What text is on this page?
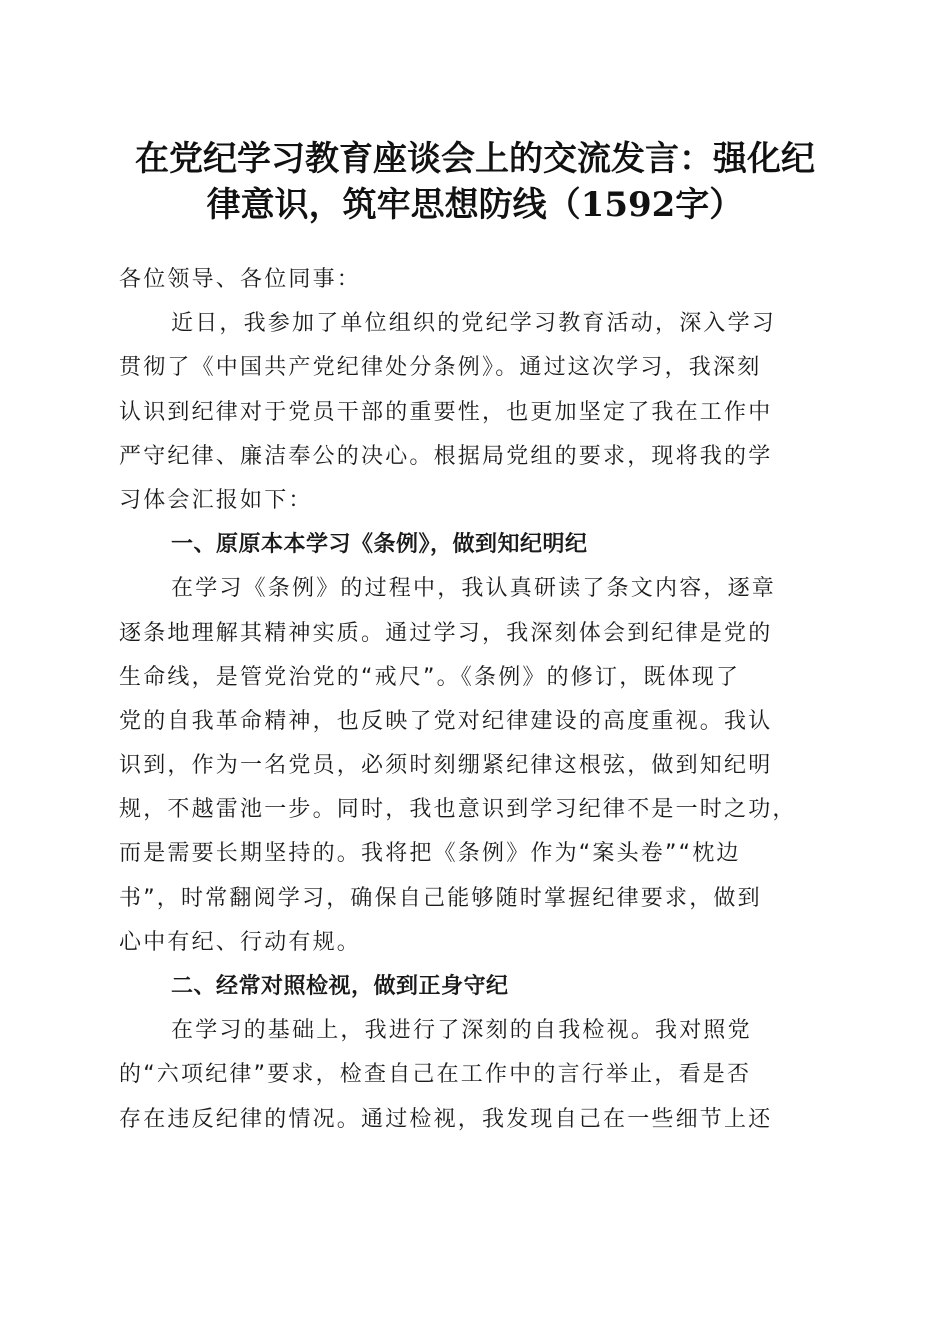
在党纪学习教育座谈会上的交流发言：强化纪
律意识，筑牢思想防线（1592字）
各位领导、各位同事：
近日，我参加了单位组织的党纪学习教育活动，深入学习
贯彻了《中国共产党纪律处分条例》。通过这次学习，我深刻
认识到纪律对于党员干部的重要性，也更加坚定了我在工作中
严守纪律、廉洁奉公的决心。根据局党组的要求，现将我的学
习体会汇报如下：
一、原原本本学习《条例》，做到知纪明纪
在学习《条例》的过程中，我认真研读了条文内容，逐章
逐条地理解其精神实质。通过学习，我深刻体会到纪律是党的
生命线，是管党治党的“戒尺”。《条例》的修订，既体现了
党的自我革命精神，也反映了党对纪律建设的高度重视。我认
识到，作为一名党员，必须时刻绷紧纪律这根弦，做到知纪明
规，不越雷池一步。同时，我也意识到学习纪律不是一时之功，
而是需要长期坚持的。我将把《条例》作为“案头卷”“枕边
书”，时常翻阅学习，确保自己能够随时掌握纪律要求，做到
心中有纪、行动有规。
二、经常对照检视，做到正身守纪
在学习的基础上，我进行了深刻的自我检视。我对照党
的“六项纪律”要求，检查自己在工作中的言行举止，看是否
存在违反纪律的情况。通过检视，我发现自己在一些细节上还
